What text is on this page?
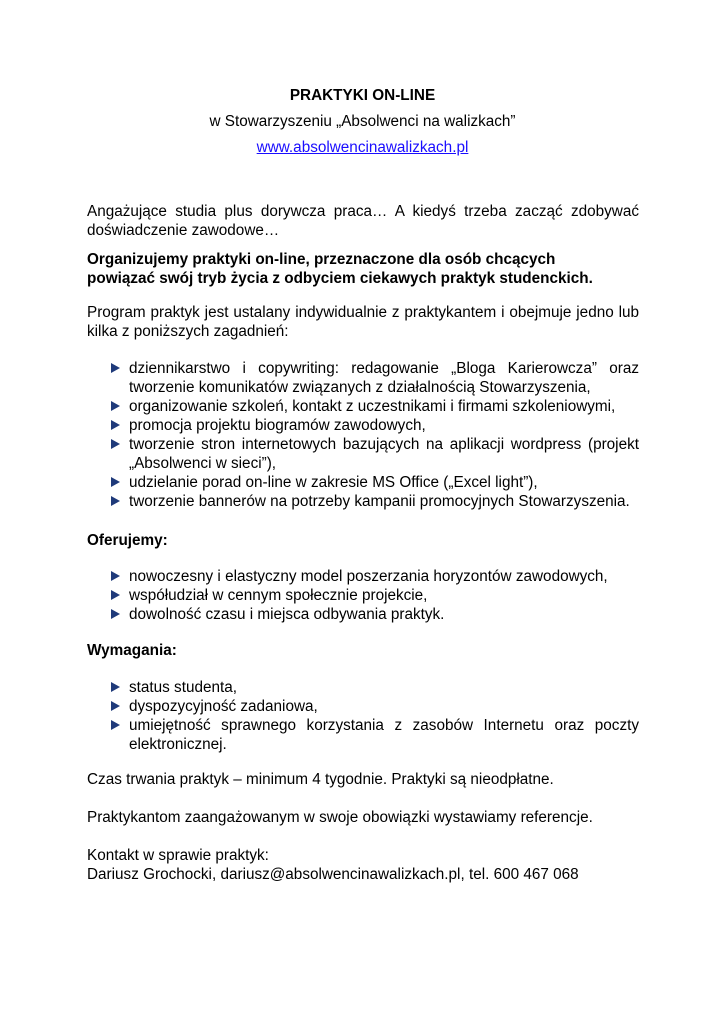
PRAKTYKI ON-LINE

w Stowarzyszeniu „Absolwenci na walizkach”

www.absolwencinawalizkach.pl

Angażujące studia plus dorywcza praca… A kiedyś trzeba zacząć zdobywać doświadczenie zawodowe…

Organizujemy praktyki on-line, przeznaczone dla osób chcących powiązać swój tryb życia z odbyciem ciekawych praktyk studenckich.

Program praktyk jest ustalany indywidualnie z praktykantem i obejmuje jedno lub kilka z poniższych zagadnień:

dziennikarstwo i copywriting: redagowanie „Bloga Karierowcza” oraz tworzenie komunikatów związanych z działalnością Stowarzyszenia,
organizowanie szkoleń, kontakt z uczestnikami i firmami szkoleniowymi,
promocja projektu biogramów zawodowych,
tworzenie stron internetowych bazujących na aplikacji wordpress (projekt „Absolwenci w sieci”),
udzielanie porad on-line w zakresie MS Office („Excel light”),
tworzenie bannerów na potrzeby kampanii promocyjnych Stowarzyszenia.

Oferujemy:

nowoczesny i elastyczny model poszerzania horyzontów zawodowych,
współudział w cennym społecznie projekcie,
dowolność czasu i miejsca odbywania praktyk.

Wymagania:

status studenta,
dyspozycyjność zadaniowa,
umiejętność sprawnego korzystania z zasobów Internetu oraz poczty elektronicznej.

Czas trwania praktyk – minimum 4 tygodnie. Praktyki są nieodpłatne.

Praktykantom zaangażowanym w swoje obowiązki wystawiamy referencje.

Kontakt w sprawie praktyk:

Dariusz Grochocki, dariusz@absolwencinawalizkach.pl, tel. 600 467 068
